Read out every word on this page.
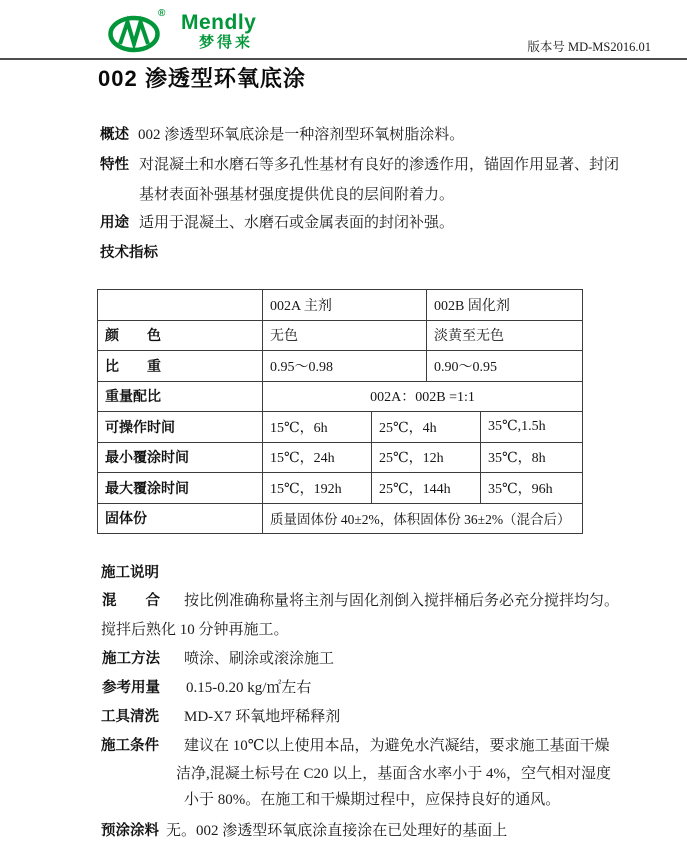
® Mendly
梦得来	版本号 MD-MS2016.01
002 渗透型环氧底涂
概述 002 渗透型环氧底涂是一种溶剂型环氧树脂涂料。
特性 对混凝土和水磨石等多孔性基材有良好的渗透作用，锚固作用显著、封闭
基材表面补强基材强度提供优良的层间附着力。
用途 适用于混凝土、水磨石或金属表面的封闭补强。
技术指标
	002A 主剂		002B 固化剂	
颜　　色	无色		淡黄至无色	
比　　重	0.95～0.98		0.90～0.95	
重量配比	002A：002B =1:1			
可操作时间	15℃，6h	25℃，4h		35℃,1.5h
最小覆涂时间	15℃，24h	25℃，12h		35℃，8h
最大覆涂时间	15℃，192h	25℃，144h		35℃，96h
固体份	质量固体份 40±2%，体积固体份 36±2%（混合后）			
施工说明
混　　合 按比例准确称量将主剂与固化剂倒入搅拌桶后务必充分搅拌均匀。
搅拌后熟化 10 分钟再施工。
施工方法 喷涂、刷涂或滚涂施工
参考用量 0.15-0.20 kg/㎡左右
工具清洗 MD-X7 环氧地坪稀释剂
施工条件 建议在 10℃以上使用本品，为避免水汽凝结，要求施工基面干燥
洁净,混凝土标号在 C20 以上，基面含水率小于 4%，空气相对湿度
小于 80%。在施工和干燥期过程中，应保持良好的通风。
预涂涂料 无。002 渗透型环氧底涂直接涂在已处理好的基面上
